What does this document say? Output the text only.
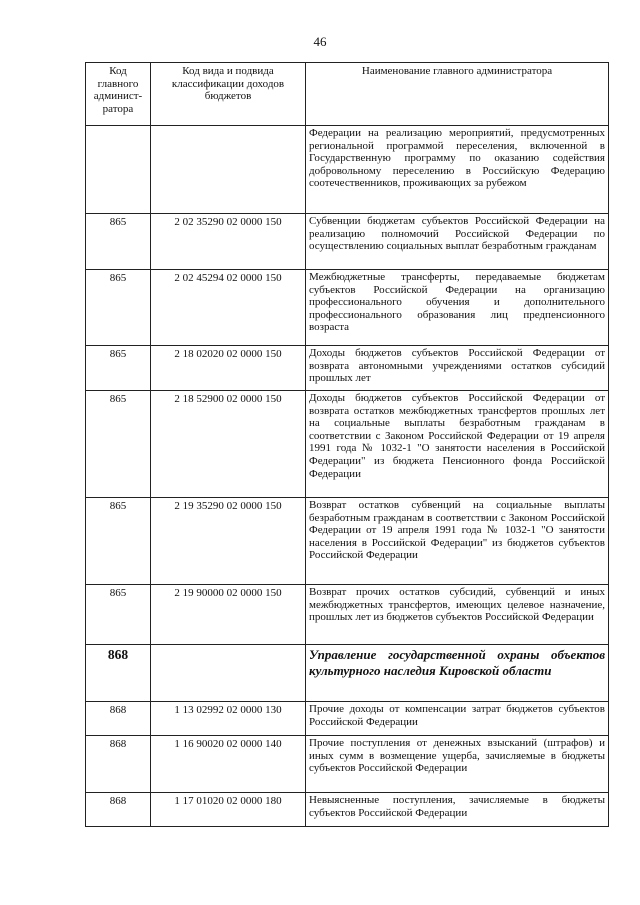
46
Код главного админист-ратора	Код вида и подвида классификации доходов бюджетов	Наименование главного администратора
		Федерации на реализацию мероприятий, предусмотренных региональной программой переселения, включенной в Государственную программу по оказанию содействия добровольному переселению в Российскую Федерацию соотечественников, проживающих за рубежом
865	2 02 35290 02 0000 150	Субвенции бюджетам субъектов Российской Федерации на реализацию полномочий Российской Федерации по осуществлению социальных выплат безработным гражданам
865	2 02 45294 02 0000 150	Межбюджетные трансферты, передаваемые бюджетам субъектов Российской Федерации на организацию профессионального обучения и дополнительного профессионального образования лиц предпенсионного возраста
865	2 18 02020 02 0000 150	Доходы бюджетов субъектов Российской Федерации от возврата автономными учреждениями остатков субсидий прошлых лет
865	2 18 52900 02 0000 150	Доходы бюджетов субъектов Российской Федерации от возврата остатков межбюджетных трансфертов прошлых лет на социальные выплаты безработным гражданам в соответствии с Законом Российской Федерации от 19 апреля 1991 года № 1032-1 "О занятости населения в Российской Федерации" из бюджета Пенсионного фонда Российской Федерации
865	2 19 35290 02 0000 150	Возврат остатков субвенций на социальные выплаты безработным гражданам в соответствии с Законом Российской Федерации от 19 апреля 1991 года № 1032-1 "О занятости населения в Российской Федерации" из бюджетов субъектов Российской Федерации
865	2 19 90000 02 0000 150	Возврат прочих остатков субсидий, субвенций и иных межбюджетных трансфертов, имеющих целевое назначение, прошлых лет из бюджетов субъектов Российской Федерации
868		Управление государственной охраны объектов культурного наследия Кировской области
868	1 13 02992 02 0000 130	Прочие доходы от компенсации затрат бюджетов субъектов Российской Федерации
868	1 16 90020 02 0000 140	Прочие поступления от денежных взысканий (штрафов) и иных сумм в возмещение ущерба, зачисляемые в бюджеты субъектов Российской Федерации
868	1 17 01020 02 0000 180	Невыясненные поступления, зачисляемые в бюджеты субъектов Российской Федерации
